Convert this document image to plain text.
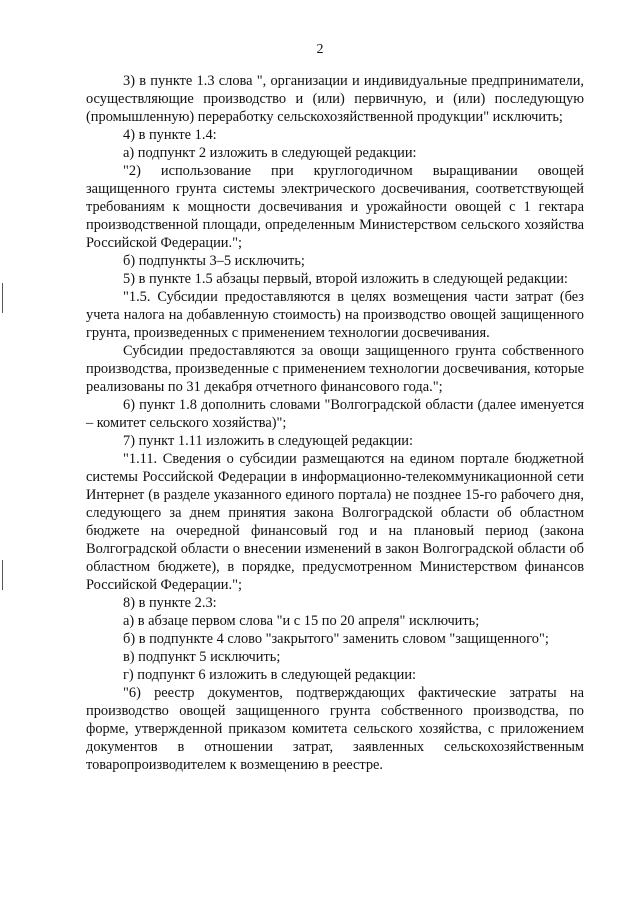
2

3) в пункте 1.3 слова ", организации и индивидуальные предприниматели, осуществляющие производство и (или) первичную, и (или) последующую (промышленную) переработку сельскохозяйственной продукции" исключить;

4) в пункте 1.4:

а) подпункт 2 изложить в следующей редакции:

"2) использование при круглогодичном выращивании овощей защищенного грунта системы электрического досвечивания, соответствующей требованиям к мощности досвечивания и урожайности овощей с 1 гектара производственной площади, определенным Министерством сельского хозяйства Российской Федерации.";

б) подпункты 3–5 исключить;

5) в пункте 1.5 абзацы первый, второй изложить в следующей редакции:

"1.5. Субсидии предоставляются в целях возмещения части затрат (без учета налога на добавленную стоимость) на производство овощей защищенного грунта, произведенных с применением технологии досвечивания.

Субсидии предоставляются за овощи защищенного грунта собственного производства, произведенные с применением технологии досвечивания, которые реализованы по 31 декабря отчетного финансового года.";

6) пункт 1.8 дополнить словами "Волгоградской области (далее именуется – комитет сельского хозяйства)";

7) пункт 1.11 изложить в следующей редакции:

"1.11. Сведения о субсидии размещаются на едином портале бюджетной системы Российской Федерации в информационно-телекоммуникационной сети Интернет (в разделе указанного единого портала) не позднее 15-го рабочего дня, следующего за днем принятия закона Волгоградской области об областном бюджете на очередной финансовый год и на плановый период (закона Волгоградской области о внесении изменений в закон Волгоградской области об областном бюджете), в порядке, предусмотренном Министерством финансов Российской Федерации.";

8) в пункте 2.3:

а) в абзаце первом слова "и с 15 по 20 апреля" исключить;

б) в подпункте 4 слово "закрытого" заменить словом "защищенного";

в) подпункт 5 исключить;

г) подпункт 6 изложить в следующей редакции:

"6) реестр документов, подтверждающих фактические затраты на производство овощей защищенного грунта собственного производства, по форме, утвержденной приказом комитета сельского хозяйства, с приложением документов в отношении затрат, заявленных сельскохозяйственным товаропроизводителем к возмещению в реестре.
